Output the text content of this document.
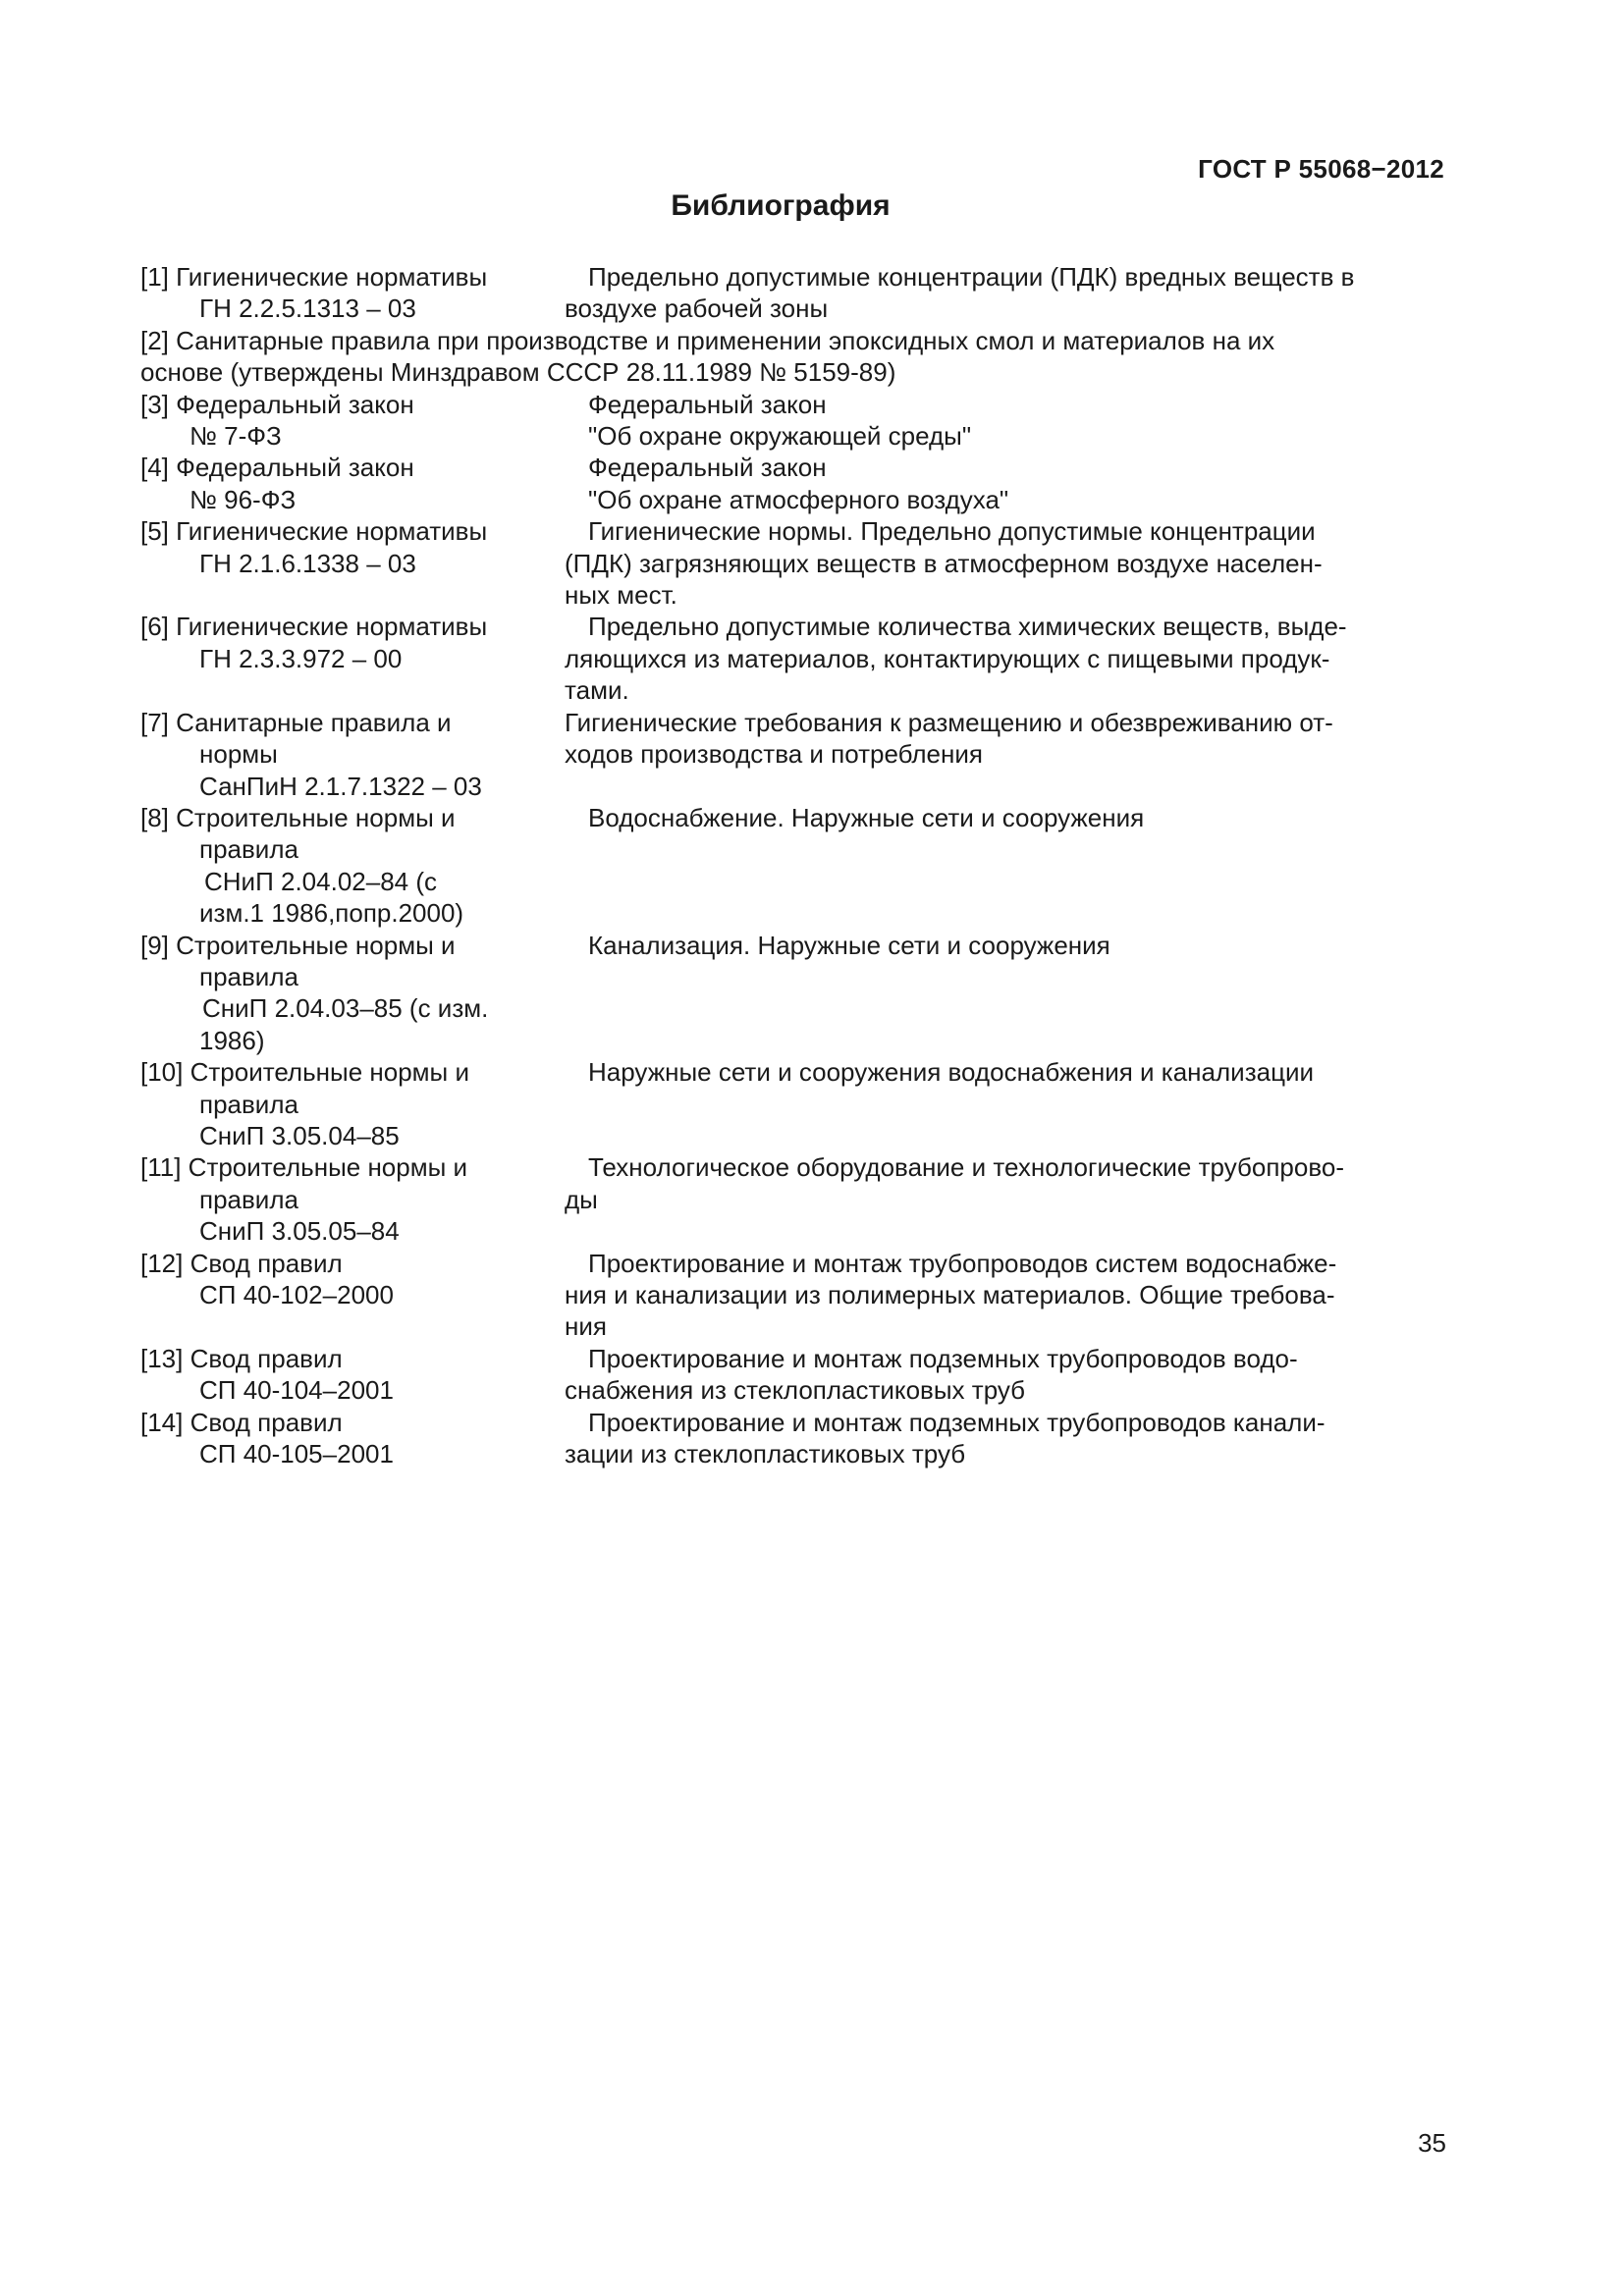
ГОСТ Р 55068−2012
Библиография
[1] Гигиенические нормативы
ГН 2.2.5.1313 – 03
Предельно допустимые концентрации (ПДК) вредных веществ в
воздухе рабочей зоны
[2] Санитарные правила при производстве и применении эпоксидных смол и материалов на их
основе (утверждены Минздравом СССР 28.11.1989 № 5159-89)
[3] Федеральный закон
№ 7-ФЗ
Федеральный закон
"Об охране окружающей среды"
[4] Федеральный закон
№ 96-ФЗ
Федеральный закон
"Об охране атмосферного воздуха"
[5] Гигиенические нормативы
ГН 2.1.6.1338 – 03
Гигиенические нормы. Предельно допустимые концентрации
(ПДК) загрязняющих веществ в атмосферном воздухе населен-
ных мест.
[6] Гигиенические нормативы
ГН 2.3.3.972 – 00
Предельно допустимые количества химических веществ, выде-
ляющихся из материалов, контактирующих с пищевыми продук-
тами.
[7] Санитарные правила и
нормы
СанПиН 2.1.7.1322 – 03
Гигиенические требования к размещению и обезвреживанию от-
ходов производства и потребления
[8] Строительные нормы и
правила
СНиП 2.04.02–84 (с
изм.1 1986,попр.2000)
Водоснабжение. Наружные сети и сооружения
[9] Строительные нормы и
правила
СниП 2.04.03–85 (с изм.
1986)
Канализация. Наружные сети и сооружения
[10] Строительные нормы и
правила
СниП 3.05.04–85
Наружные сети и сооружения водоснабжения и канализации
[11] Строительные нормы и
правила
СниП 3.05.05–84
Технологическое оборудование и технологические трубопрово-
ды
[12] Свод правил
СП 40-102–2000
Проектирование и монтаж трубопроводов систем водоснабже-
ния и канализации из полимерных материалов. Общие требова-
ния
[13] Свод правил
СП 40-104–2001
Проектирование и монтаж подземных трубопроводов водо-
снабжения из стеклопластиковых труб
[14] Свод правил
СП 40-105–2001
Проектирование и монтаж подземных трубопроводов канали-
зации из стеклопластиковых труб
35
